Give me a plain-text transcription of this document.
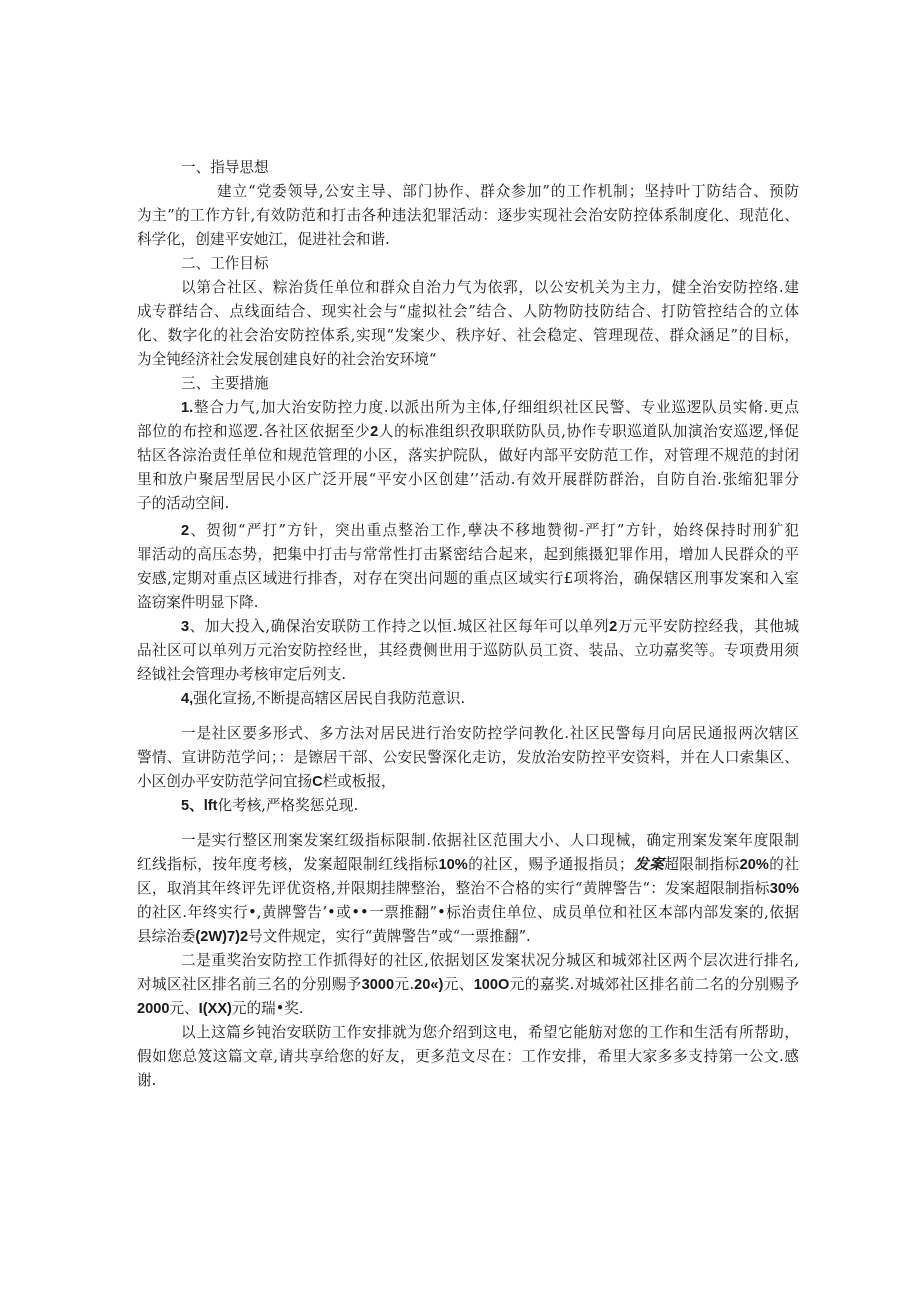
一、指导思想
建立“党委领导,公安主导、部门协作、群众参加”的工作机制；坚持叶丁防结合、预防
为主”的工作方针,有效防范和打击各种违法犯罪活动：逐步实现社会治安防控体系制度化、现范化、
科学化，创建平安她江，促进社会和谐.
二、工作目标
以第合社区、粽治货任单位和群众自治力气为依郛，以公安机关为主力，健全治安防控络.建
成专群结合、点线面结合、现实社会与“虚拟社会”结合、人防物防技防结合、打防管控结合的立体
化、数字化的社会治安防控体系,实现“发案少、秩序好、社会稳定、管理现莅、群众涵足”的目标，
为全钝经济社会发展创建良好的社会治安环境“
三、主要措施
1.整合力气,加大治安防控力度.以派出所为主体,仔细组织社区民警、专业巡逻队员实脩.更点
部位的布控和巡逻.各社区依据至少2人的标准组织孜职联防队员,协作专职巡道队加演治安巡逻,怿促
牯区各淙治责任单位和规范管理的小区，落实护院队，做好内部平安防范工作，对管理不规范的封闭
里和放户聚居型居民小区广泛开展“平安小区创建’’活动.有效开展群防群治，自防自治.张缩犯罪分
子的活动空间.
2、贺彻“严打”方针，突出重点整治工作,孽决不移地赞彻-严打”方针，始终保持时刑犷犯
罪活动的高压态势，把集中打击与常常性打击紧密结合起来，起到熊摄犯罪作用，增加人民群众的平
安感,定期对重点区域进行排杳，对存在突出问题的重点区域实行£项将治，确保辖区刑事发案和入室
盗窃案件明显下降.
3、加大投入,确保治安联防工作持之以恒.城区社区每年可以单列2万元平安防控经我，其他城
品社区可以单列万元治安防控经世，其经费侧世用于巡防队员工资、装品、立功嘉奖等。专项费用须
经钺社会管理办考核审定后列支.
4,强化宣扬,不断提高辖区居民自我防范意识.
一是社区要多形式、多方法对居民进行治安防控学问教化.社区民警每月向居民通报两次辖区
警情、宣讲防范学问；：是镲居干部、公安民警深化走访，发放治安防控平安资料，并在人口索集区、
小区创办平安防范学问宜扬C栏或板报，
5、lft化考核,严格奖惩兑现.
一是实行整区刑案发案红级指标限制.依据社区范围大小、人口现械，确定刑案发案年度限制
红线指标，按年度考核，发案超限制红线指标10%的社区，赐予通报指员；发案超限制指标20%的社
区，取消其年终评先评优资格,并限期挂牌整治，整治不合格的实行“黄牌警告“：发案超限制指标30%
的社区.年终实行•,黄牌警告’•或••一票推翻”•标治责住单位、成员单位和社区本部内部发案的,依据
县综治委(2W)7)2号文件规定，实行“黄牌警告”或“一票推翻”.
二是重奖治安防控工作抓得好的社区,依据划区发案状况分城区和城郊社区两个层次进行排名,
对城区社区排名前三名的分别赐予3000元.20«)元、100O元的嘉奖.对城郊社区排名前二名的分别赐予
2000元、I(XX)元的瑞•奖.
以上这篇乡钝治安联防工作安排就为您介绍到这电，希望它能舫对您的工作和生活有所帮助，
假如您总笈这篇文章,请共享给您的好友，更多范文尽在：工作安排，希里大家多多支持第一公文.感
谢.
